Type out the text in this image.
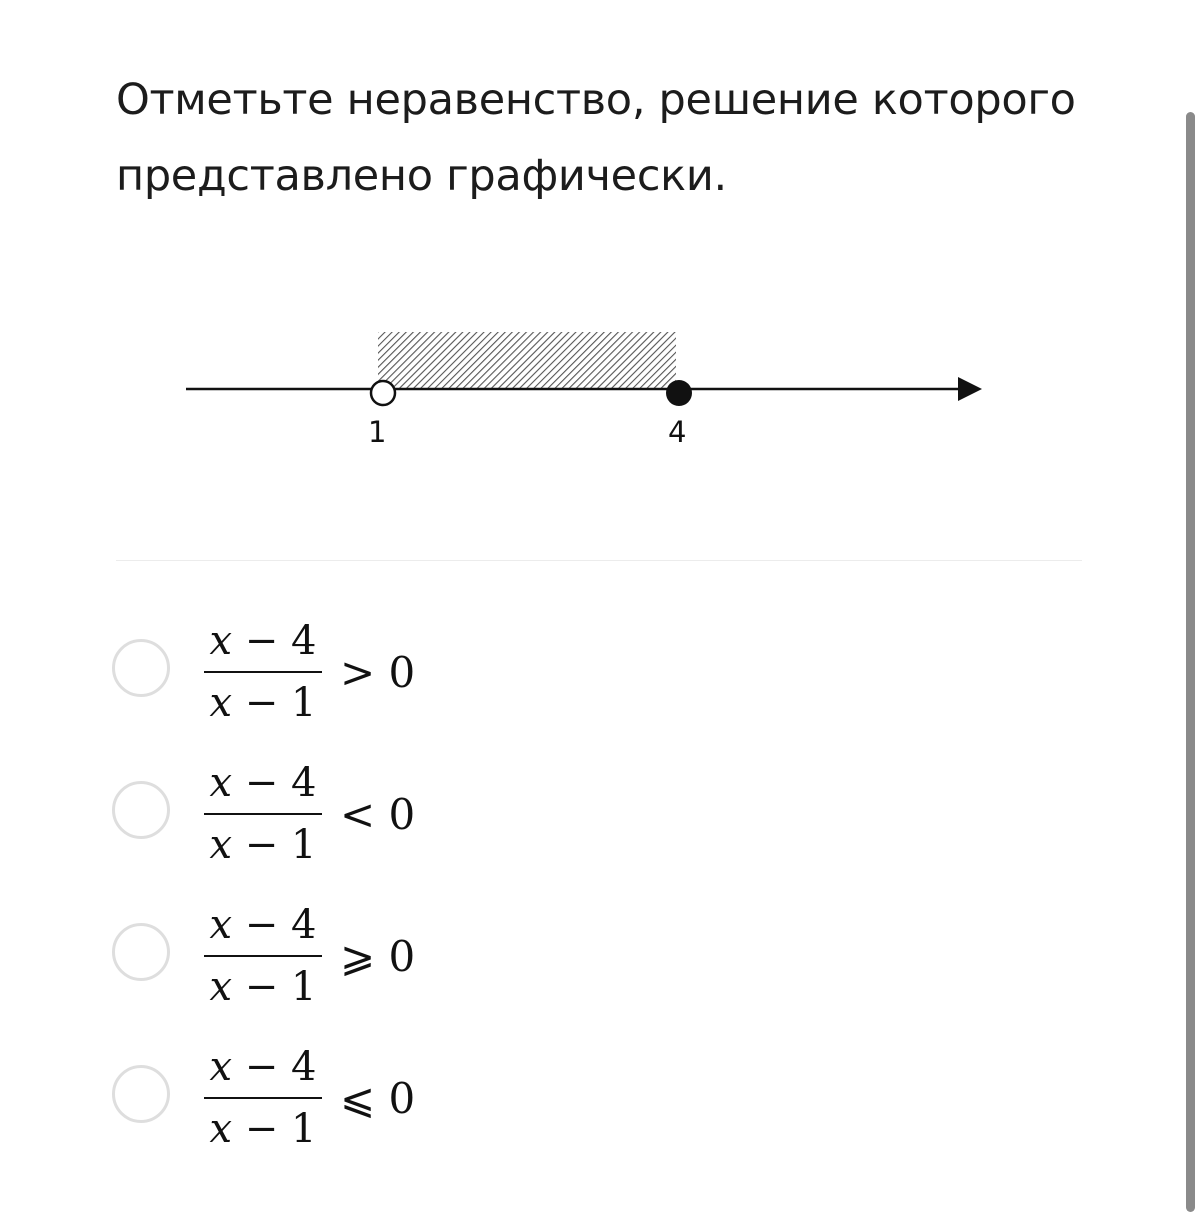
Отметьте неравенство, решение которого представлено графически.
1	4
$\frac{x - 4}{x - 1} > 0$
$\frac{x - 4}{x - 1} < 0$
$\frac{x - 4}{x - 1}$ ⩾ 0
$\frac{x - 4}{x - 1}$ ⩽ 0
